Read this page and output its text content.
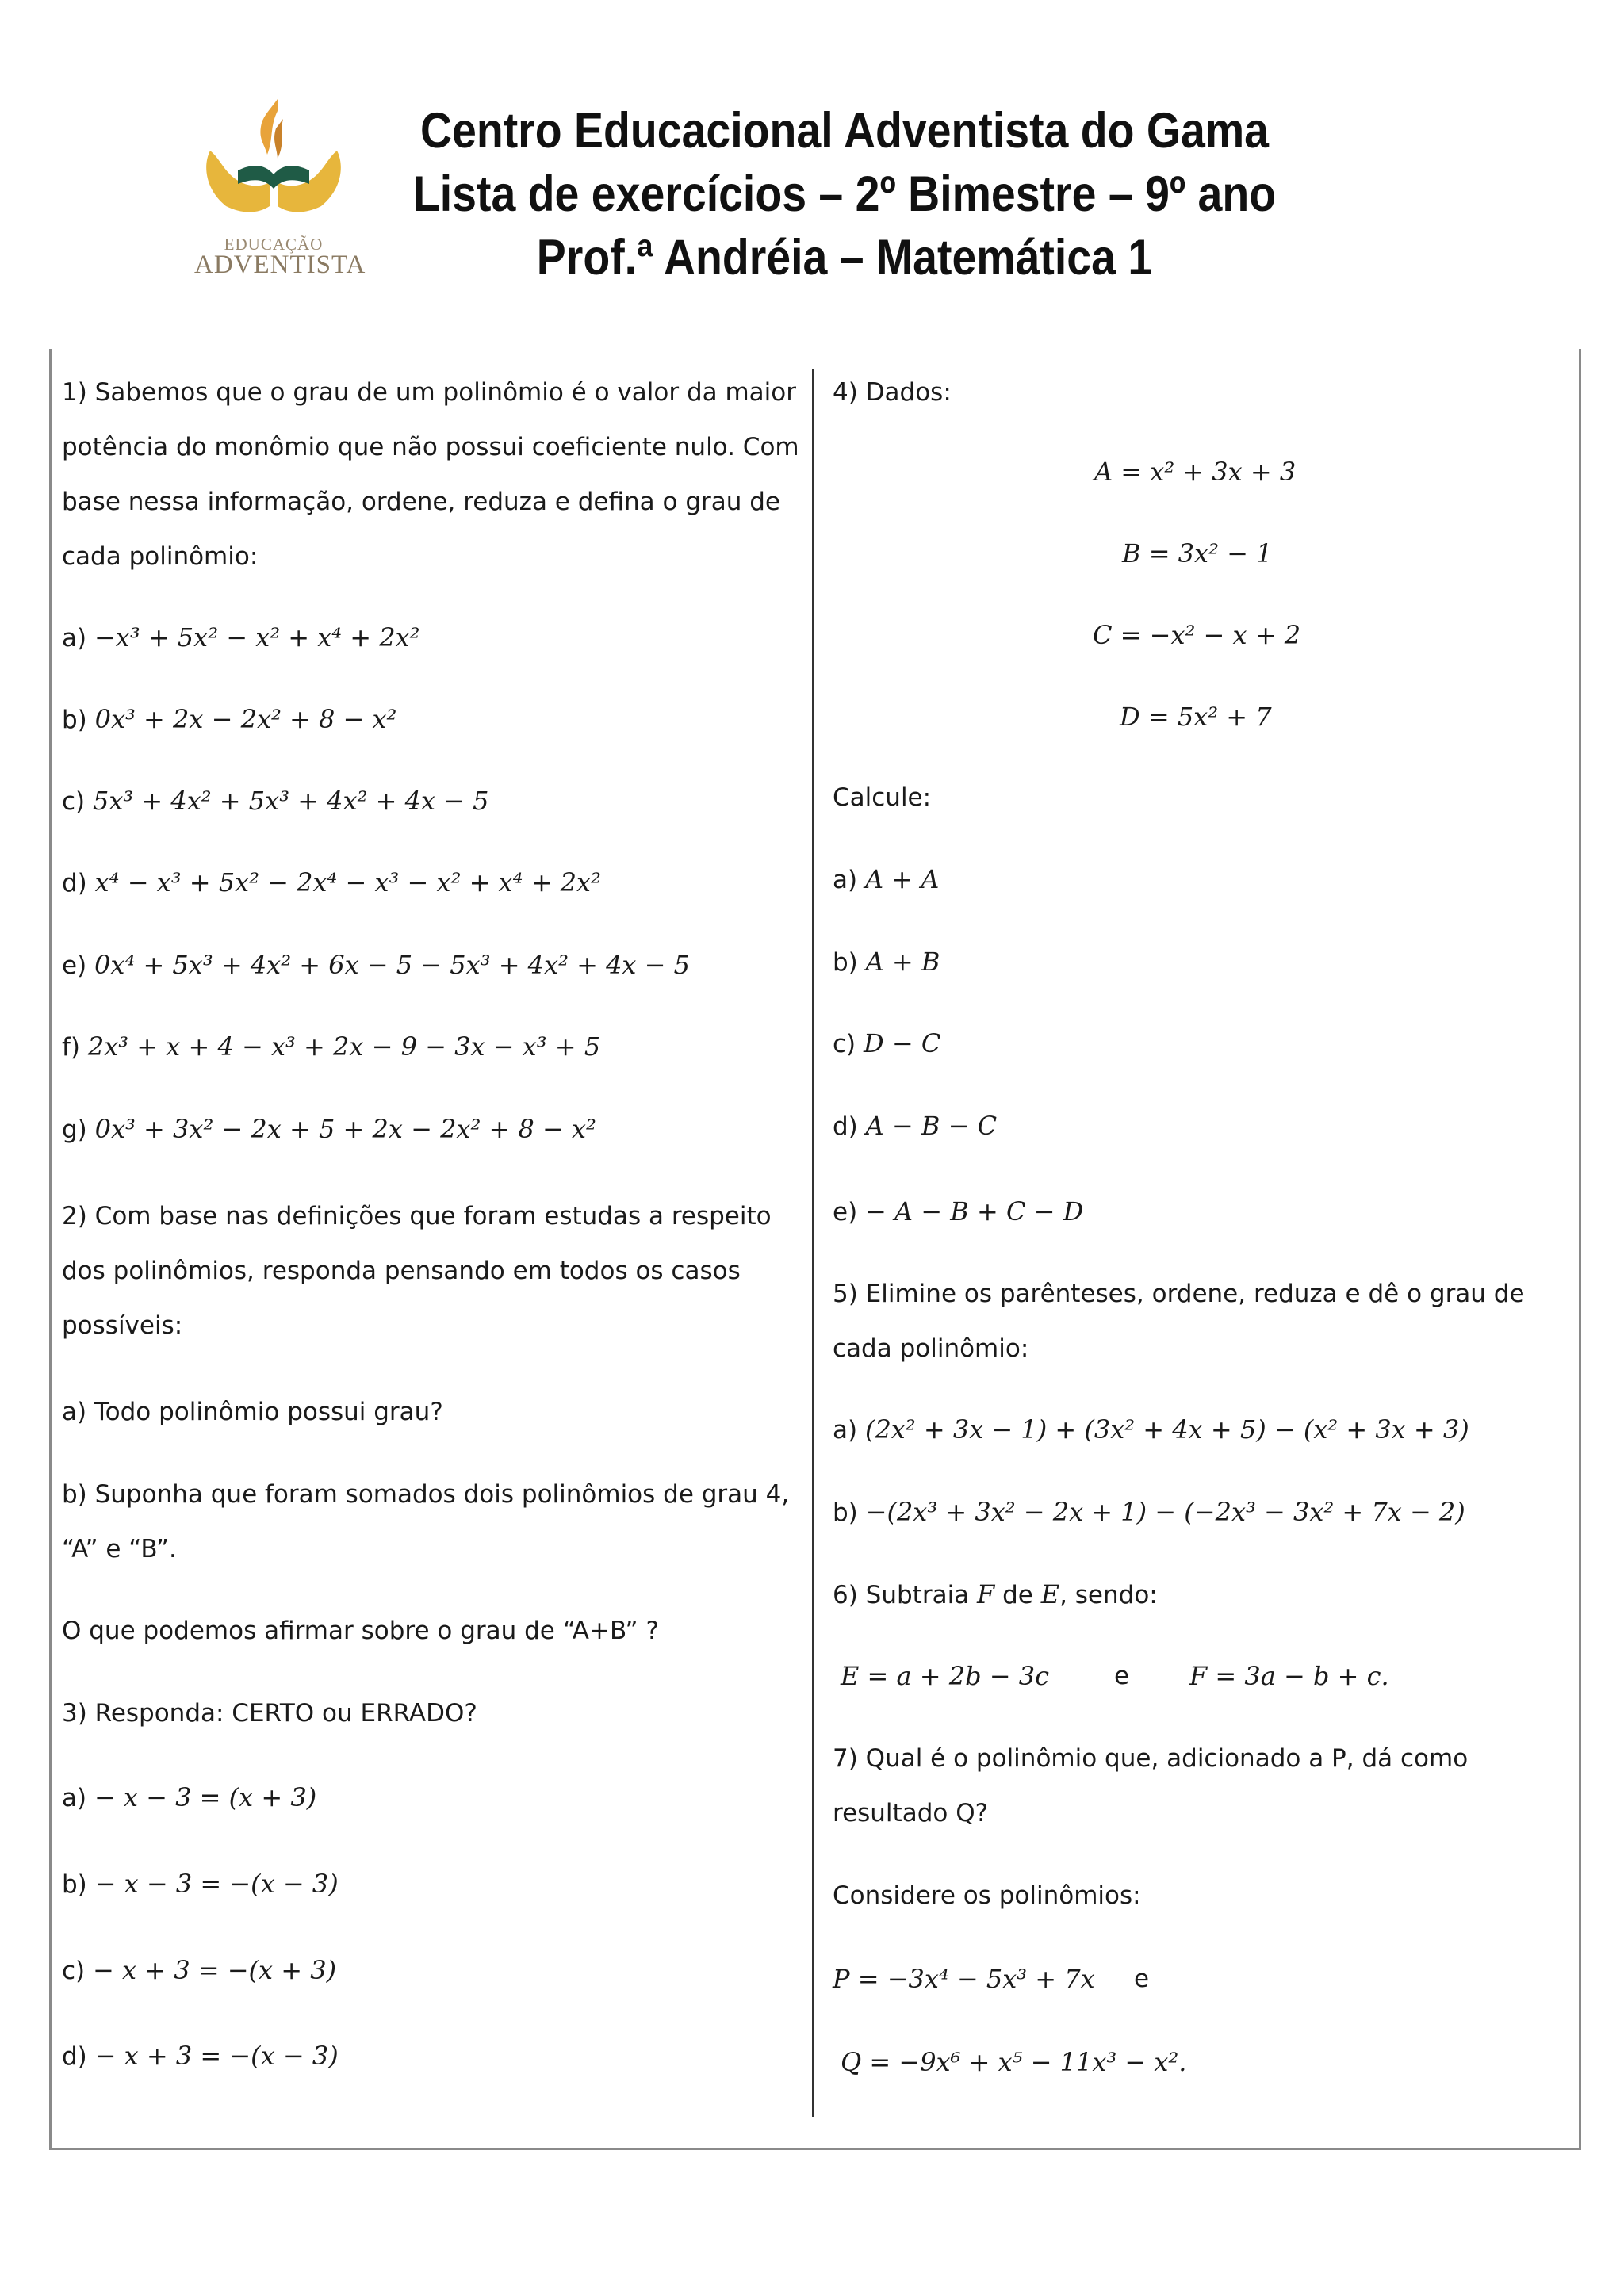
EDUCAÇÃO
ADVENTISTA
Centro Educacional Adventista do Gama
Lista de exercícios – 2º Bimestre – 9º ano
Prof.ª Andréia – Matemática 1
1) Sabemos que o grau de um polinômio é o valor da maior
potência do monômio que não possui coeficiente nulo. Com
base nessa informação, ordene, reduza e defina o grau de
cada polinômio:
a) −x³ + 5x² − x² + x⁴ + 2x²
b) 0x³ + 2x − 2x² + 8 − x²
c) 5x³ + 4x² + 5x³ + 4x² + 4x − 5
d) x⁴ − x³ + 5x² − 2x⁴ − x³ − x² + x⁴ + 2x²
e) 0x⁴ + 5x³ + 4x² + 6x − 5 − 5x³ + 4x² + 4x − 5
f) 2x³ + x + 4 − x³ + 2x − 9 − 3x − x³ + 5
g) 0x³ + 3x² − 2x + 5 + 2x − 2x² + 8 − x²
2) Com base nas definições que foram estudas a respeito
dos polinômios, responda pensando em todos os casos
possíveis:
a) Todo polinômio possui grau?
b) Suponha que foram somados dois polinômios de grau 4,
“A” e “B”.
O que podemos afirmar sobre o grau de “A+B” ?
3) Responda: CERTO ou ERRADO?
a) − x − 3 = (x + 3)
b) − x − 3 = −(x − 3)
c) − x + 3 = −(x + 3)
d) − x + 3 = −(x − 3)
4) Dados:
A = x² + 3x + 3
B = 3x² − 1
C = −x² − x + 2
D = 5x² + 7
Calcule:
a) A + A
b) A + B
c) D − C
d) A − B − C
e) − A − B + C − D
5) Elimine os parênteses, ordene, reduza e dê o grau de
cada polinômio:
a) (2x² + 3x − 1) + (3x² + 4x + 5) − (x² + 3x + 3)
b) −(2x³ + 3x² − 2x + 1) − (−2x³ − 3x² + 7x − 2)
6) Subtraia F de E, sendo:
E = a + 2b − 3c	e F = 3a − b + c.
7) Qual é o polinômio que, adicionado a P, dá como
resultado Q?
Considere os polinômios:
P = −3x⁴ − 5x³ + 7x e
Q = −9x⁶ + x⁵ − 11x³ − x².
